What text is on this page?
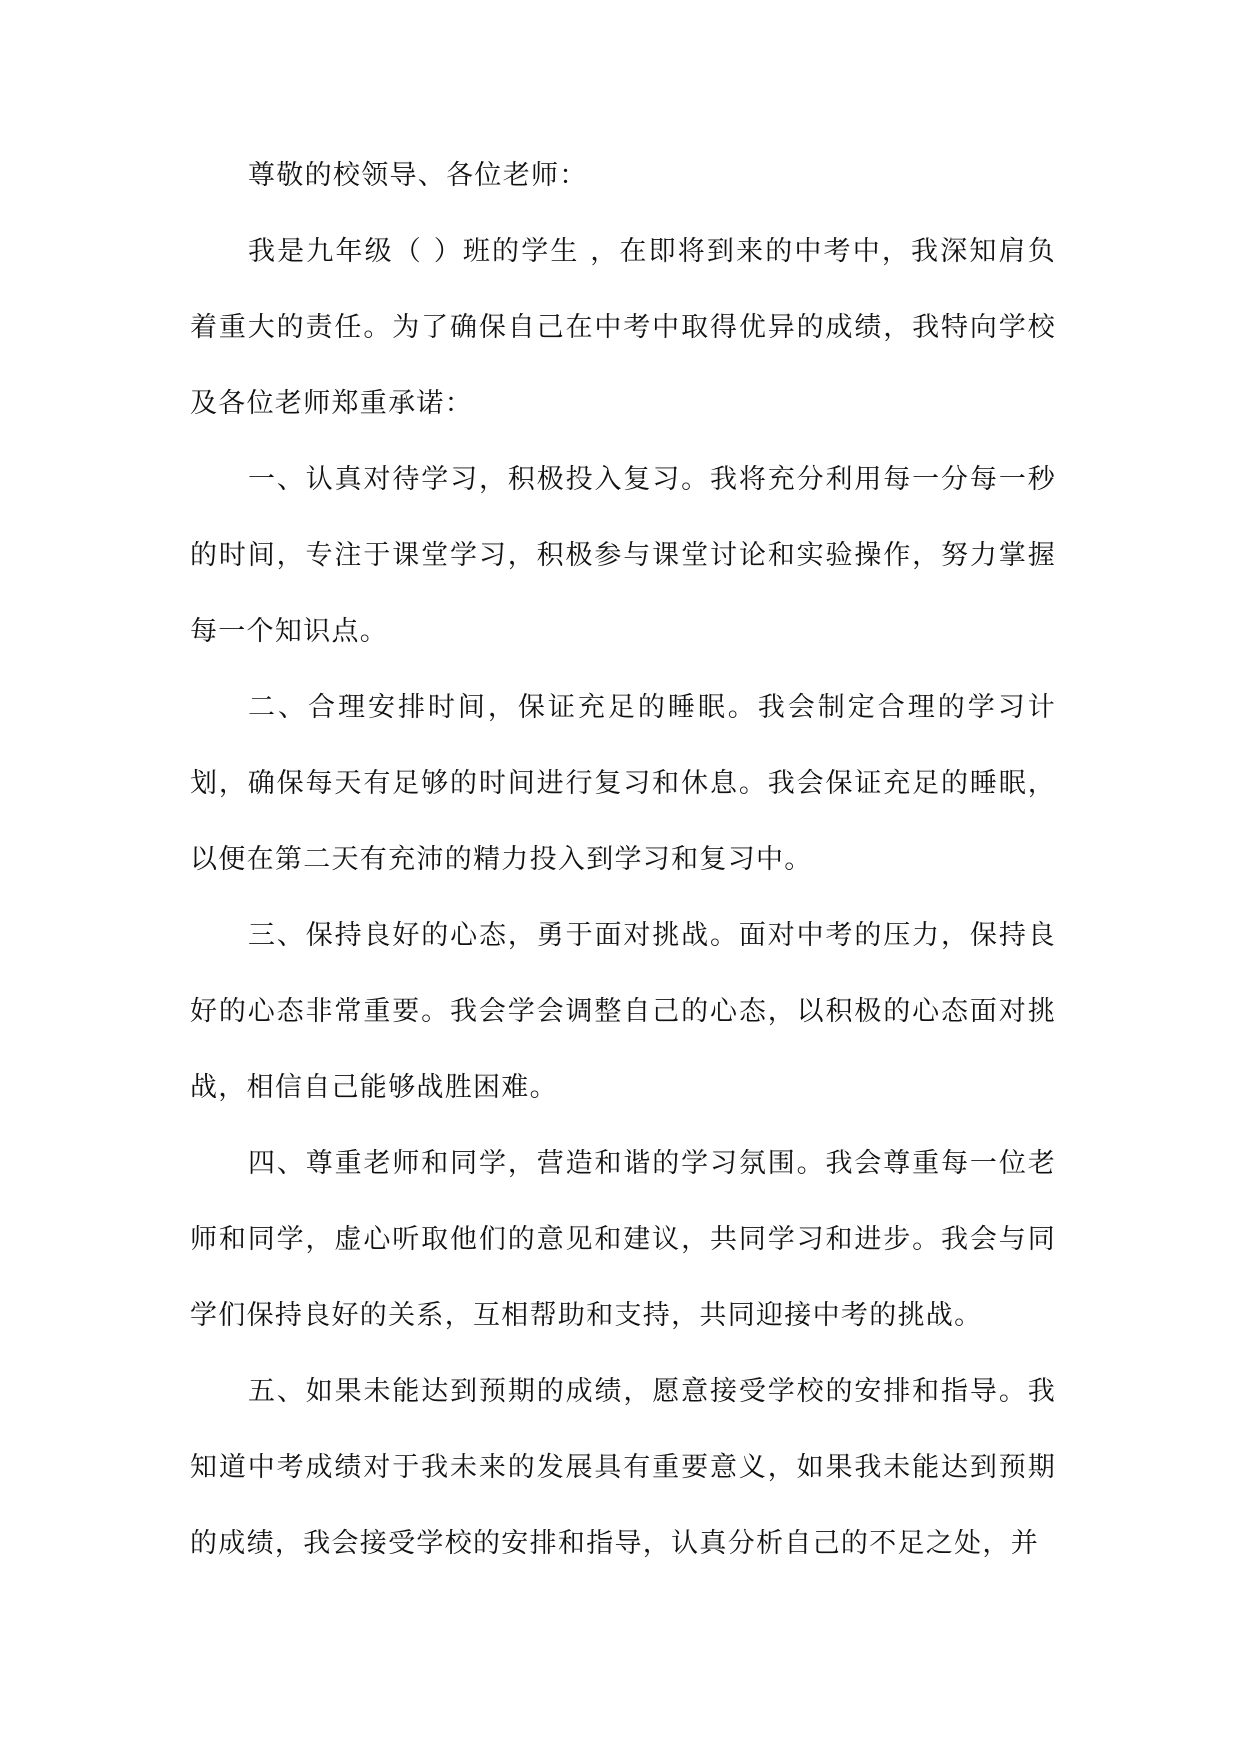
尊敬的校领导、各位老师：

我是九年级（ ）班的学生 ，在即将到来的中考中，我深知肩负着重大的责任。为了确保自己在中考中取得优异的成绩，我特向学校及各位老师郑重承诺：

一、认真对待学习，积极投入复习。我将充分利用每一分每一秒的时间，专注于课堂学习，积极参与课堂讨论和实验操作，努力掌握每一个知识点。

二、合理安排时间，保证充足的睡眠。我会制定合理的学习计划，确保每天有足够的时间进行复习和休息。我会保证充足的睡眠，以便在第二天有充沛的精力投入到学习和复习中。

三、保持良好的心态，勇于面对挑战。面对中考的压力，保持良好的心态非常重要。我会学会调整自己的心态，以积极的心态面对挑战，相信自己能够战胜困难。

四、尊重老师和同学，营造和谐的学习氛围。我会尊重每一位老师和同学，虚心听取他们的意见和建议，共同学习和进步。我会与同学们保持良好的关系，互相帮助和支持，共同迎接中考的挑战。

五、如果未能达到预期的成绩，愿意接受学校的安排和指导。我知道中考成绩对于我未来的发展具有重要意义，如果我未能达到预期的成绩，我会接受学校的安排和指导，认真分析自己的不足之处，并
